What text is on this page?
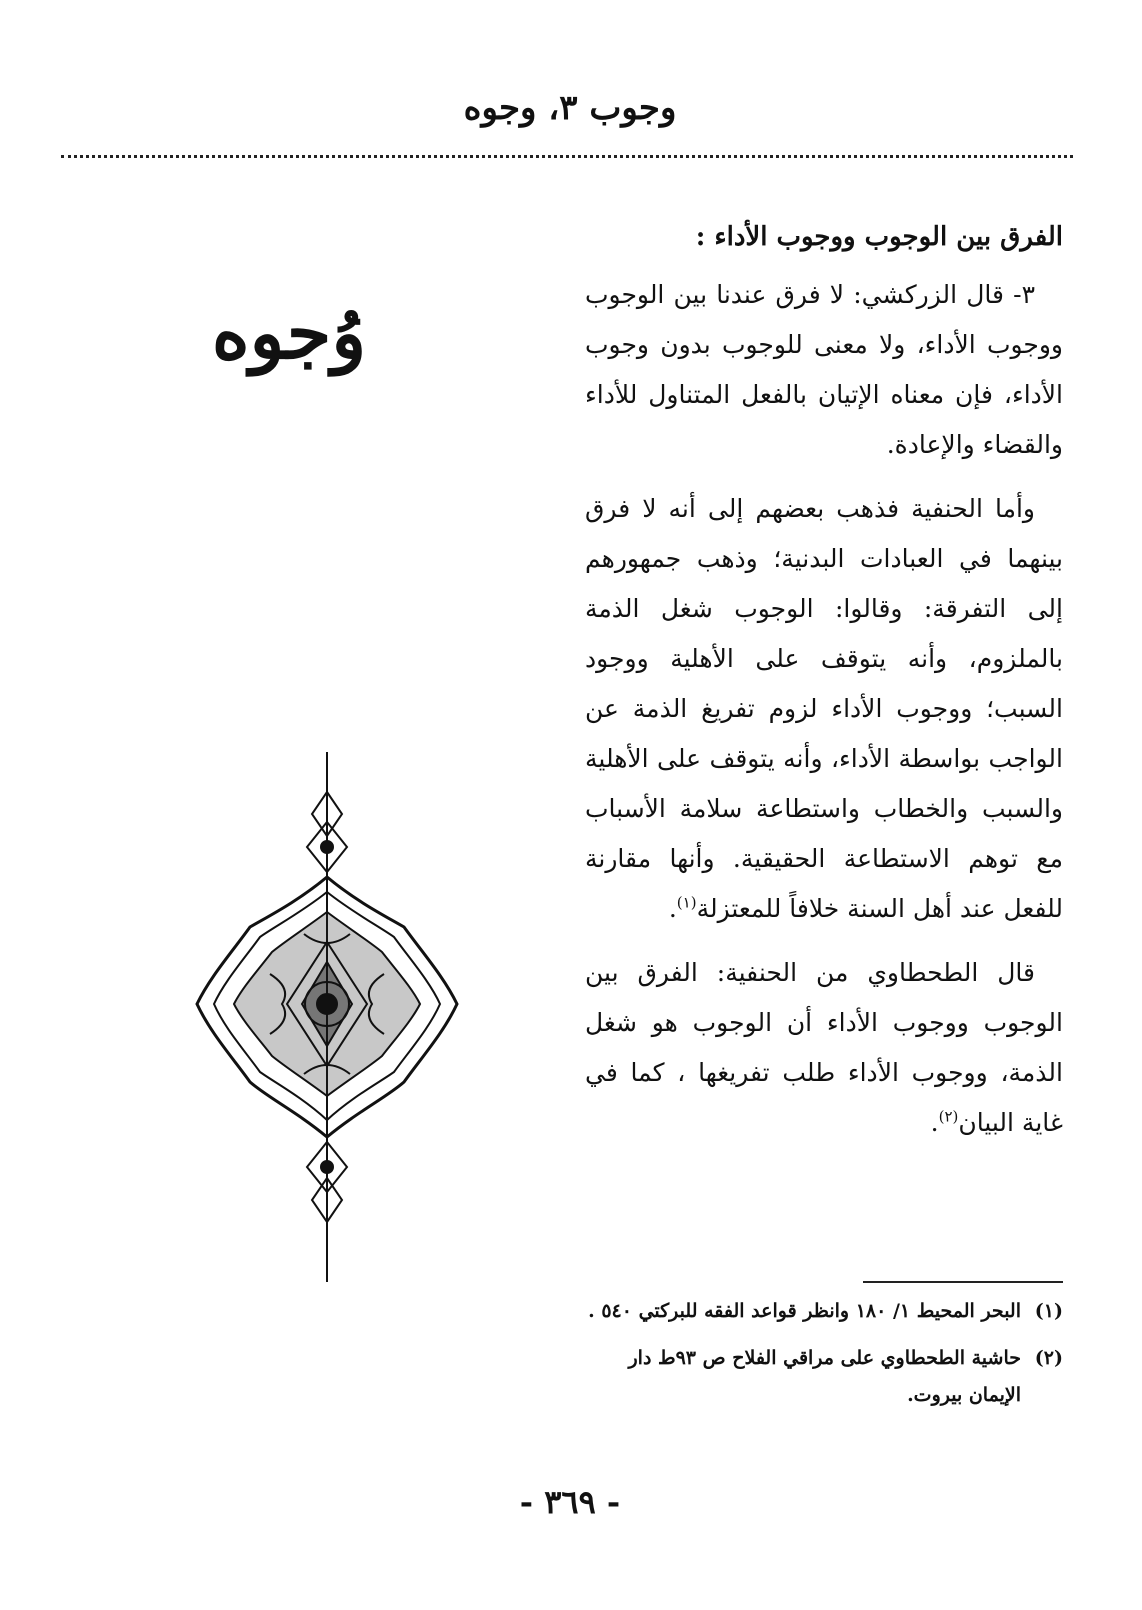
وجوب ٣، وجوه

الفرق بين الوجوب ووجوب الأداء :

٣- قال الزركشي: لا فرق عندنا بين الوجوب ووجوب الأداء، ولا معنى للوجوب بدون وجوب الأداء، فإن معناه الإتيان بالفعل المتناول للأداء والقضاء والإعادة.

وأما الحنفية فذهب بعضهم إلى أنه لا فرق بينهما في العبادات البدنية؛ وذهب جمهورهم إلى التفرقة: وقالوا: الوجوب شغل الذمة بالملزوم، وأنه يتوقف على الأهلية ووجود السبب؛ ووجوب الأداء لزوم تفريغ الذمة عن الواجب بواسطة الأداء، وأنه يتوقف على الأهلية والسبب والخطاب واستطاعة سلامة الأسباب مع توهم الاستطاعة الحقيقية. وأنها مقارنة للفعل عند أهل السنة خلافاً للمعتزلة$^{(١)}$.

قال الطحطاوي من الحنفية: الفرق بين الوجوب ووجوب الأداء أن الوجوب هو شغل الذمة، ووجوب الأداء طلب تفريغها ، كما في غاية البيان$^{(٢)}$.

وُجوه
(١)
البحر المحيط ١/ ١٨٠ وانظر قواعد الفقه للبركتي ٥٤٠ .
(٢)
حاشية الطحطاوي على مراقي الفلاح ص ٩٣ط دار الإيمان بيروت.
- ٣٦٩ -
